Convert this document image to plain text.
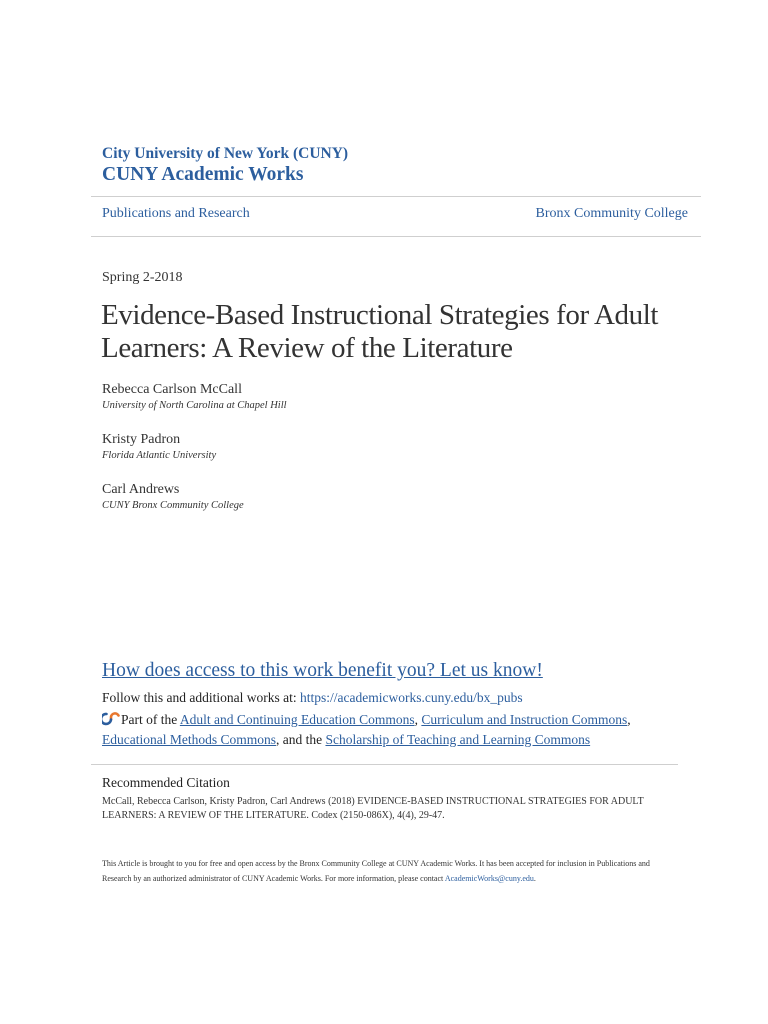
City University of New York (CUNY)
CUNY Academic Works
Publications and Research	Bronx Community College
Spring 2-2018
Evidence-Based Instructional Strategies for Adult Learners: A Review of the Literature
Rebecca Carlson McCall
University of North Carolina at Chapel Hill
Kristy Padron
Florida Atlantic University
Carl Andrews
CUNY Bronx Community College
How does access to this work benefit you? Let us know!
Follow this and additional works at: https://academicworks.cuny.edu/bx_pubs
Part of the Adult and Continuing Education Commons, Curriculum and Instruction Commons, Educational Methods Commons, and the Scholarship of Teaching and Learning Commons
Recommended Citation
McCall, Rebecca Carlson, Kristy Padron, Carl Andrews (2018) EVIDENCE-BASED INSTRUCTIONAL STRATEGIES FOR ADULT LEARNERS: A REVIEW OF THE LITERATURE. Codex (2150-086X), 4(4), 29-47.
This Article is brought to you for free and open access by the Bronx Community College at CUNY Academic Works. It has been accepted for inclusion in Publications and Research by an authorized administrator of CUNY Academic Works. For more information, please contact AcademicWorks@cuny.edu.
